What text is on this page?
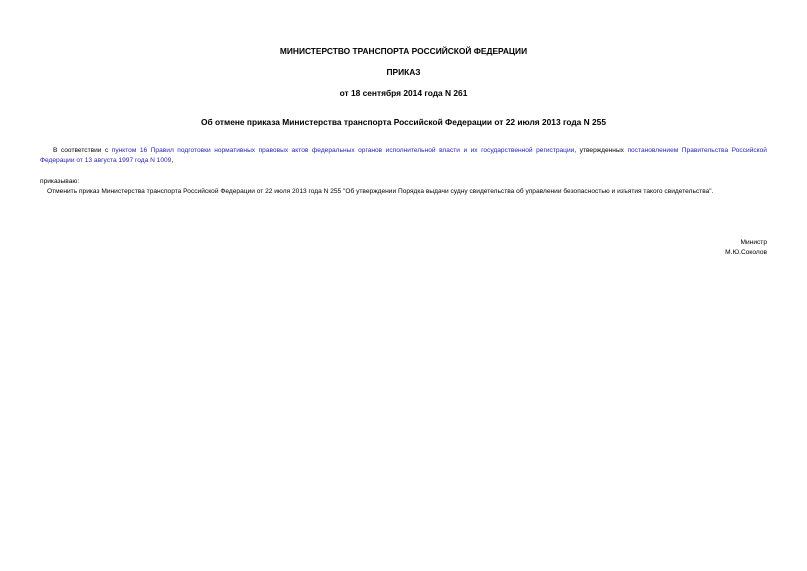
МИНИСТЕРСТВО ТРАНСПОРТА РОССИЙСКОЙ ФЕДЕРАЦИИ
ПРИКАЗ
от 18 сентября 2014 года N 261
Об отмене приказа Министерства транспорта Российской Федерации от 22 июля 2013 года N 255
В соответствии с пунктом 16 Правил подготовки нормативных правовых актов федеральных органов исполнительной власти и их государственной регистрации, утвержденных постановлением Правительства Российской Федерации от 13 августа 1997 года N 1009,
приказываю:
Отменить приказ Министерства транспорта Российской Федерации от 22 июля 2013 года N 255 "Об утверждении Порядка выдачи судну свидетельства об управлении безопасностью и изъятия такого свидетельства".
Министр
М.Ю.Соколов
